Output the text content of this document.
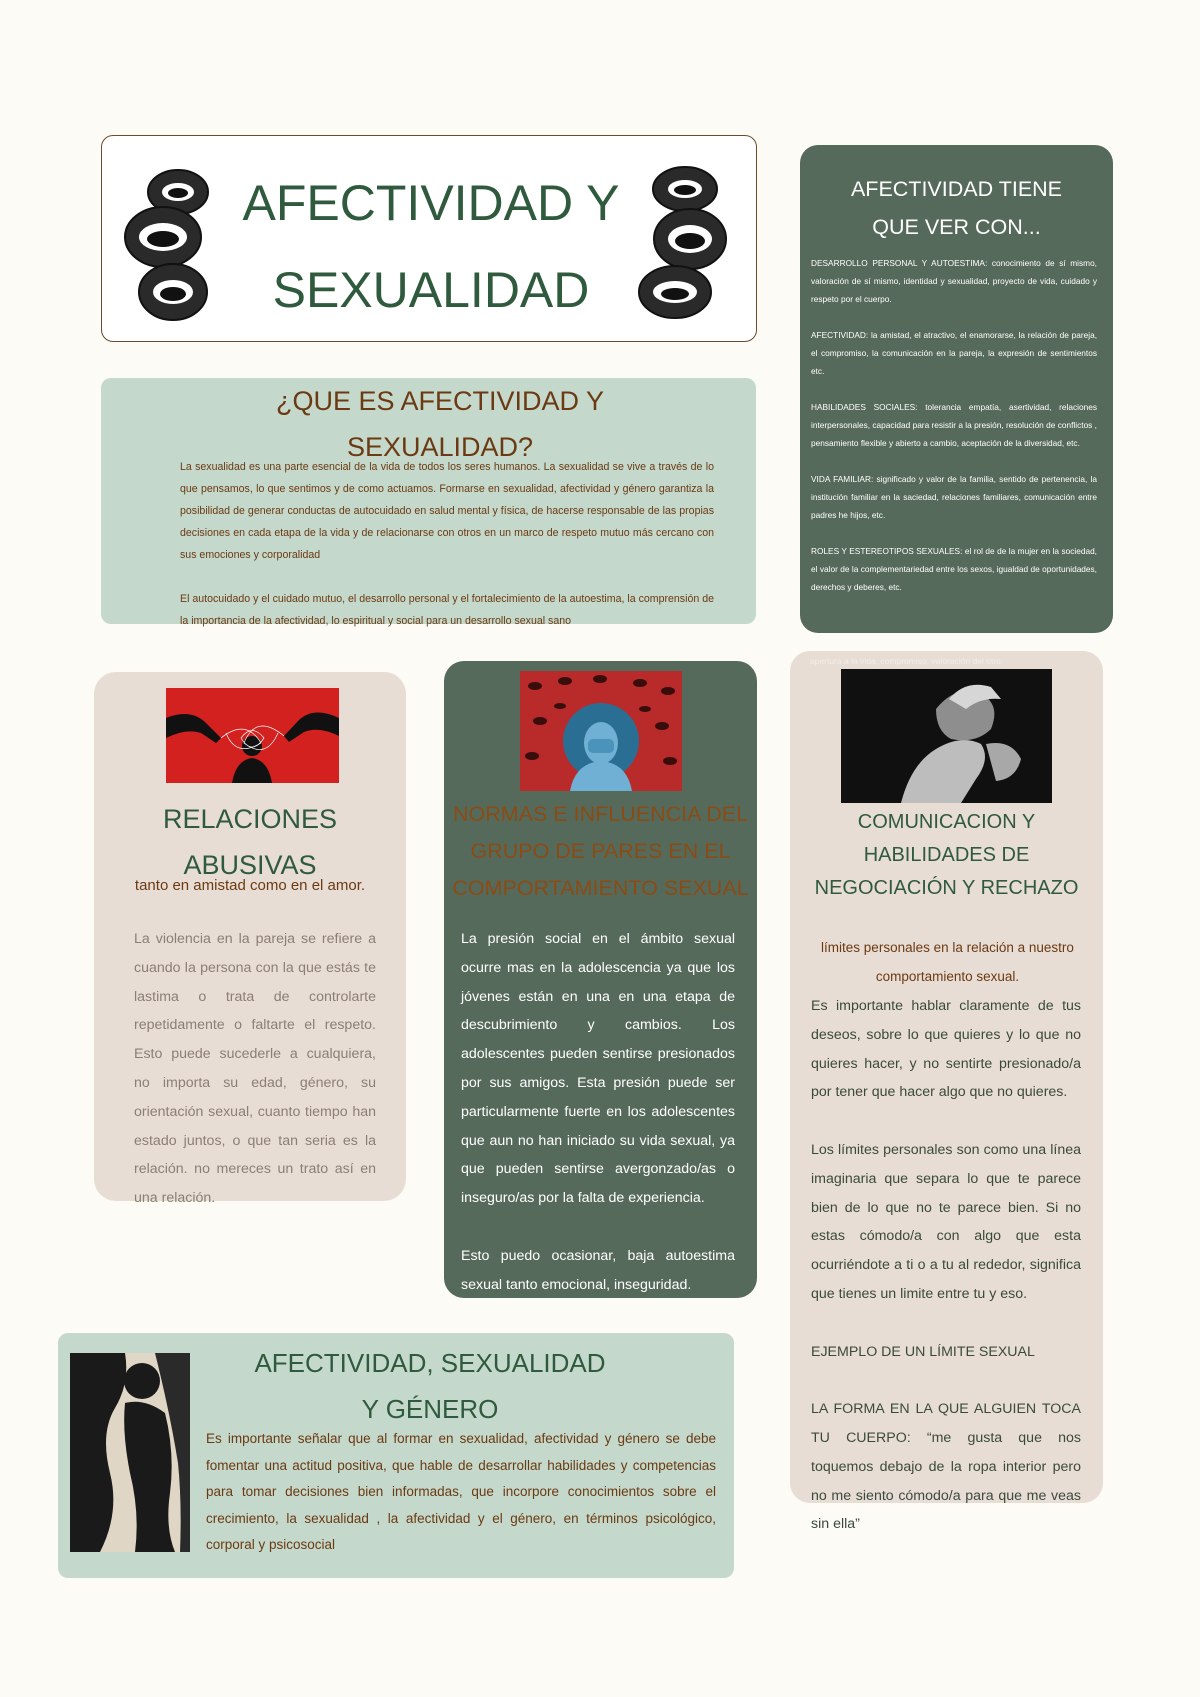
AFECTIVIDAD Y
SEXUALIDAD
¿QUE ES AFECTIVIDAD Y
SEXUALIDAD?
La sexualidad es una parte esencial de la vida de todos los seres humanos. La sexualidad se vive a través de lo que pensamos, lo que sentimos y de como actuamos. Formarse en sexualidad, afectividad y género garantiza la posibilidad de generar conductas de autocuidado en salud mental y física, de hacerse responsable de las propias decisiones en cada etapa de la vida y de relacionarse con otros en un marco de respeto mutuo más cercano con sus emociones y corporalidad
El autocuidado y el cuidado mutuo, el desarrollo personal y el fortalecimiento de la autoestima, la comprensión de la importancia de la afectividad, lo espiritual y social para un desarrollo sexual sano
AFECTIVIDAD TIENE
QUE VER CON...

DESARROLLO PERSONAL Y AUTOESTIMA: conocimiento de sí mismo, valoración de sí mismo, identidad y sexualidad, proyecto de vida, cuidado y respeto por el cuerpo.

AFECTIVIDAD: la amistad, el atractivo, el enamorarse, la relación de pareja, el compromiso, la comunicación en la pareja, la expresión de sentimientos etc.

HABILIDADES SOCIALES: tolerancia empatía, asertividad, relaciones interpersonales, capacidad para resistir a la presión, resolución de conflictos , pensamiento flexible y abierto a cambio, aceptación de la diversidad, etc.

VIDA FAMILIAR: significado y valor de la familia, sentido de pertenencia, la institución familiar en la saciedad, relaciones familiares, comunicación entre padres he hijos, etc.

ROLES Y ESTEREOTIPOS SEXUALES: el rol de de la mujer en la sociedad, el valor de la complementariedad entre los sexos, igualdad de oportunidades, derechos y deberes, etc.

RELACIONES
ABUSIVAS
tanto en amistad como en el amor.
La violencia en la pareja se refiere a cuando la persona con la que estás te lastima o trata de controlarte repetidamente o faltarte el respeto. Esto puede sucederle a cualquiera, no importa su edad, género, su orientación sexual, cuanto tiempo han estado juntos, o que tan seria es la relación. no mereces un trato así en una relación.
NORMAS E INFLUENCIA DEL
GRUPO DE PARES EN EL
COMPORTAMIENTO SEXUAL

La presión social en el ámbito sexual ocurre mas en la adolescencia ya que los jóvenes están en una en una etapa de descubrimiento y cambios. Los adolescentes pueden sentirse presionados por sus amigos. Esta presión puede ser particularmente fuerte en los adolescentes que aun no han iniciado su vida sexual, ya que pueden sentirse avergonzado/as o inseguro/as por la falta de experiencia.

Esto puedo ocasionar, baja autoestima sexual tanto emocional, inseguridad.

apertura a la vida, compromiso, valoración del otro.
COMUNICACION Y
HABILIDADES DE
NEGOCIACIÓN Y RECHAZO
límites personales en la relación a nuestro comportamiento sexual.

Es importante hablar claramente de tus deseos, sobre lo que quieres y lo que no quieres hacer, y no sentirte presionado/a por tener que hacer algo que no quieres.

Los límites personales son como una línea imaginaria que separa lo que te parece bien de lo que no te parece bien. Si no estas cómodo/a con algo que esta ocurriéndote a ti o a tu al rededor, significa que tienes un limite entre tu y eso.

EJEMPLO DE UN LÍMITE SEXUAL

LA FORMA EN LA QUE ALGUIEN TOCA TU CUERPO: “me gusta que nos toquemos debajo de la ropa interior pero no me siento cómodo/a para que me veas sin ella”

AFECTIVIDAD, SEXUALIDAD
Y GÉNERO
Es importante señalar que al formar en sexualidad, afectividad y género se debe fomentar una actitud positiva, que hable de desarrollar habilidades y competencias para tomar decisiones bien informadas, que incorpore conocimientos sobre el crecimiento, la sexualidad , la afectividad y el género, en términos psicológico, corporal y psicosocial
